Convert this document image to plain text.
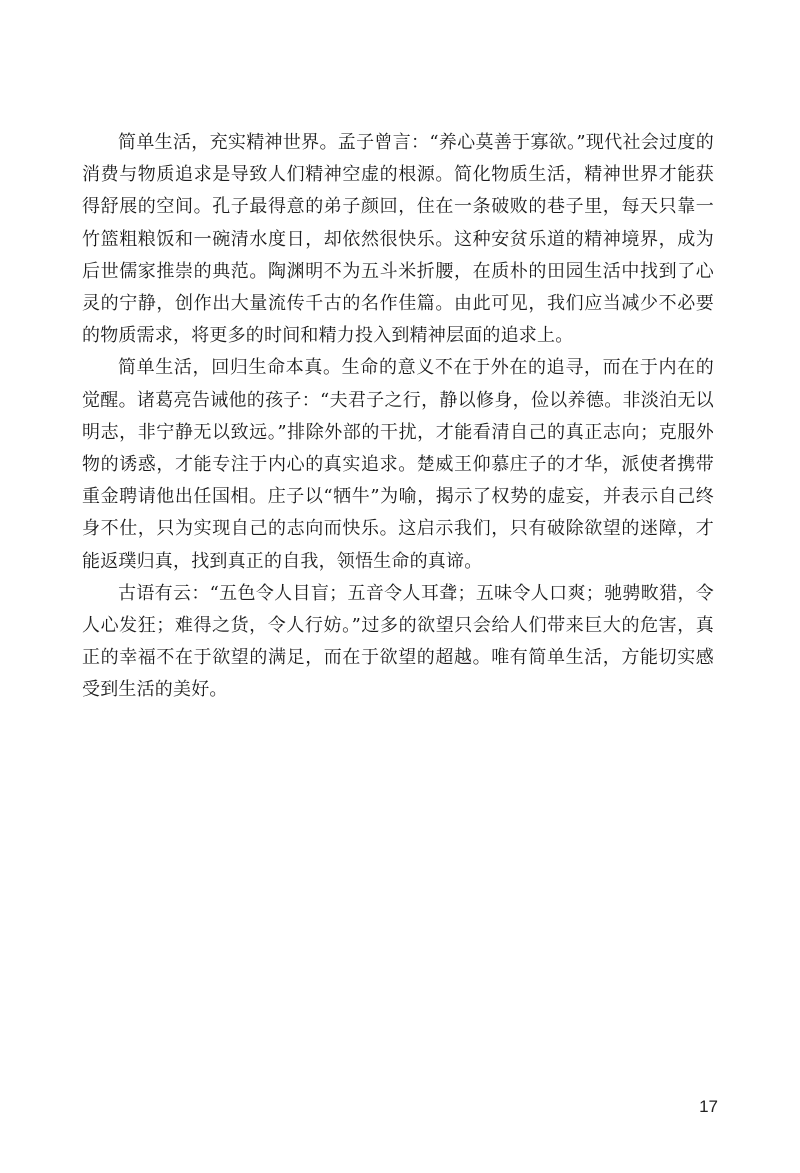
简单生活，充实精神世界。孟子曾言：“养心莫善于寡欲。”现代社会过度的消费与物质追求是导致人们精神空虚的根源。简化物质生活，精神世界才能获得舒展的空间。孔子最得意的弟子颜回，住在一条破败的巷子里，每天只靠一竹篮粗粮饭和一碗清水度日，却依然很快乐。这种安贫乐道的精神境界，成为后世儒家推崇的典范。陶渊明不为五斗米折腰，在质朴的田园生活中找到了心灵的宁静，创作出大量流传千古的名作佳篇。由此可见，我们应当减少不必要的物质需求，将更多的时间和精力投入到精神层面的追求上。

简单生活，回归生命本真。生命的意义不在于外在的追寻，而在于内在的觉醒。诸葛亮告诫他的孩子：“夫君子之行，静以修身，俭以养德。非淡泊无以明志，非宁静无以致远。”排除外部的干扰，才能看清自己的真正志向；克服外物的诱惑，才能专注于内心的真实追求。楚威王仰慕庄子的才华，派使者携带重金聘请他出任国相。庄子以“牺牛”为喻，揭示了权势的虚妄，并表示自己终身不仕，只为实现自己的志向而快乐。这启示我们，只有破除欲望的迷障，才能返璞归真，找到真正的自我，领悟生命的真谛。

古语有云：“五色令人目盲；五音令人耳聋；五味令人口爽；驰骋畋猎，令人心发狂；难得之货，令人行妨。”过多的欲望只会给人们带来巨大的危害，真正的幸福不在于欲望的满足，而在于欲望的超越。唯有简单生活，方能切实感受到生活的美好。

17
